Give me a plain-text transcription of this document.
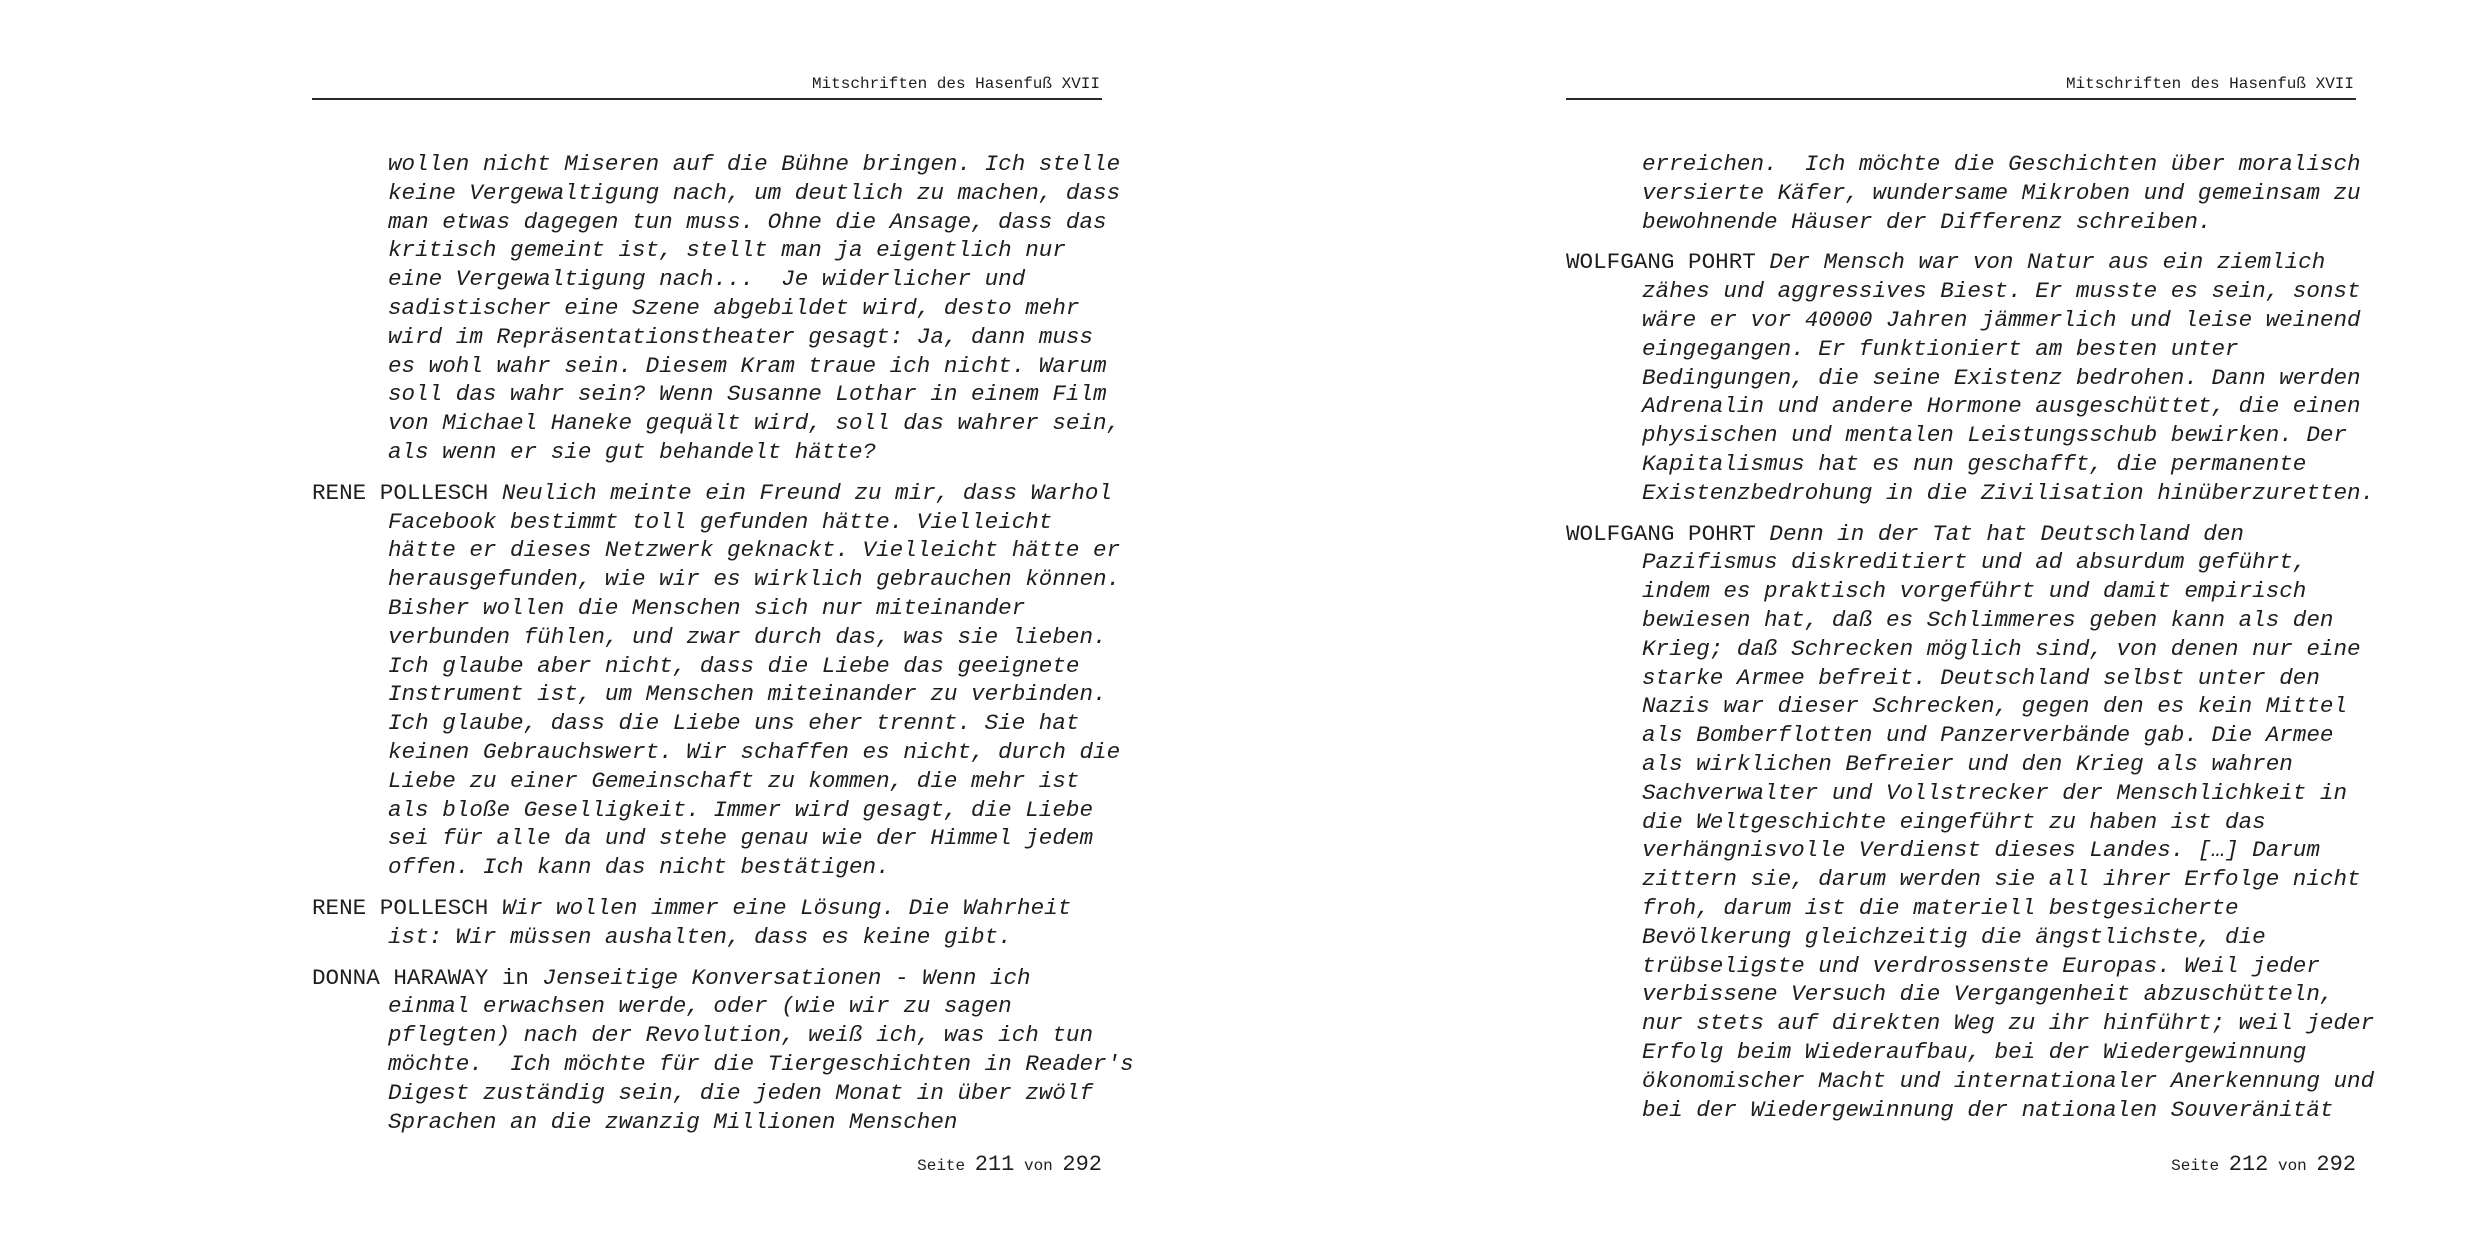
Mitschriften des Hasenfuß XVII
wollen nicht Miseren auf die Bühne bringen. Ich stelle
keine Vergewaltigung nach, um deutlich zu machen, dass
man etwas dagegen tun muss. Ohne die Ansage, dass das
kritisch gemeint ist, stellt man ja eigentlich nur
eine Vergewaltigung nach...  Je widerlicher und
sadistischer eine Szene abgebildet wird, desto mehr
wird im Repräsentationstheater gesagt: Ja, dann muss
es wohl wahr sein. Diesem Kram traue ich nicht. Warum
soll das wahr sein? Wenn Susanne Lothar in einem Film
von Michael Haneke gequält wird, soll das wahrer sein,
als wenn er sie gut behandelt hätte?
RENE POLLESCH Neulich meinte ein Freund zu mir, dass Warhol
Facebook bestimmt toll gefunden hätte. Vielleicht
hätte er dieses Netzwerk geknackt. Vielleicht hätte er
herausgefunden, wie wir es wirklich gebrauchen können.
Bisher wollen die Menschen sich nur miteinander
verbunden fühlen, und zwar durch das, was sie lieben.
Ich glaube aber nicht, dass die Liebe das geeignete
Instrument ist, um Menschen miteinander zu verbinden.
Ich glaube, dass die Liebe uns eher trennt. Sie hat
keinen Gebrauchswert. Wir schaffen es nicht, durch die
Liebe zu einer Gemeinschaft zu kommen, die mehr ist
als bloße Geselligkeit. Immer wird gesagt, die Liebe
sei für alle da und stehe genau wie der Himmel jedem
offen. Ich kann das nicht bestätigen.
RENE POLLESCH Wir wollen immer eine Lösung. Die Wahrheit
ist: Wir müssen aushalten, dass es keine gibt.
DONNA HARAWAY in Jenseitige Konversationen - Wenn ich
einmal erwachsen werde, oder (wie wir zu sagen
pflegten) nach der Revolution, weiß ich, was ich tun
möchte.  Ich möchte für die Tiergeschichten in Reader's
Digest zuständig sein, die jeden Monat in über zwölf
Sprachen an die zwanzig Millionen Menschen
Seite 211 von 292
Mitschriften des Hasenfuß XVII
erreichen.  Ich möchte die Geschichten über moralisch
versierte Käfer, wundersame Mikroben und gemeinsam zu
bewohnende Häuser der Differenz schreiben.
WOLFGANG POHRT Der Mensch war von Natur aus ein ziemlich
zähes und aggressives Biest. Er musste es sein, sonst
wäre er vor 40000 Jahren jämmerlich und leise weinend
eingegangen. Er funktioniert am besten unter
Bedingungen, die seine Existenz bedrohen. Dann werden
Adrenalin und andere Hormone ausgeschüttet, die einen
physischen und mentalen Leistungsschub bewirken. Der
Kapitalismus hat es nun geschafft, die permanente
Existenzbedrohung in die Zivilisation hinüberzuretten.
WOLFGANG POHRT Denn in der Tat hat Deutschland den
Pazifismus diskreditiert und ad absurdum geführt,
indem es praktisch vorgeführt und damit empirisch
bewiesen hat, daß es Schlimmeres geben kann als den
Krieg; daß Schrecken möglich sind, von denen nur eine
starke Armee befreit. Deutschland selbst unter den
Nazis war dieser Schrecken, gegen den es kein Mittel
als Bomberflotten und Panzerverbände gab. Die Armee
als wirklichen Befreier und den Krieg als wahren
Sachverwalter und Vollstrecker der Menschlichkeit in
die Weltgeschichte eingeführt zu haben ist das
verhängnisvolle Verdienst dieses Landes. […] Darum
zittern sie, darum werden sie all ihrer Erfolge nicht
froh, darum ist die materiell bestgesicherte
Bevölkerung gleichzeitig die ängstlichste, die
trübseligste und verdrossenste Europas. Weil jeder
verbissene Versuch die Vergangenheit abzuschütteln,
nur stets auf direkten Weg zu ihr hinführt; weil jeder
Erfolg beim Wiederaufbau, bei der Wiedergewinnung
ökonomischer Macht und internationaler Anerkennung und
bei der Wiedergewinnung der nationalen Souveränität
Seite 212 von 292
